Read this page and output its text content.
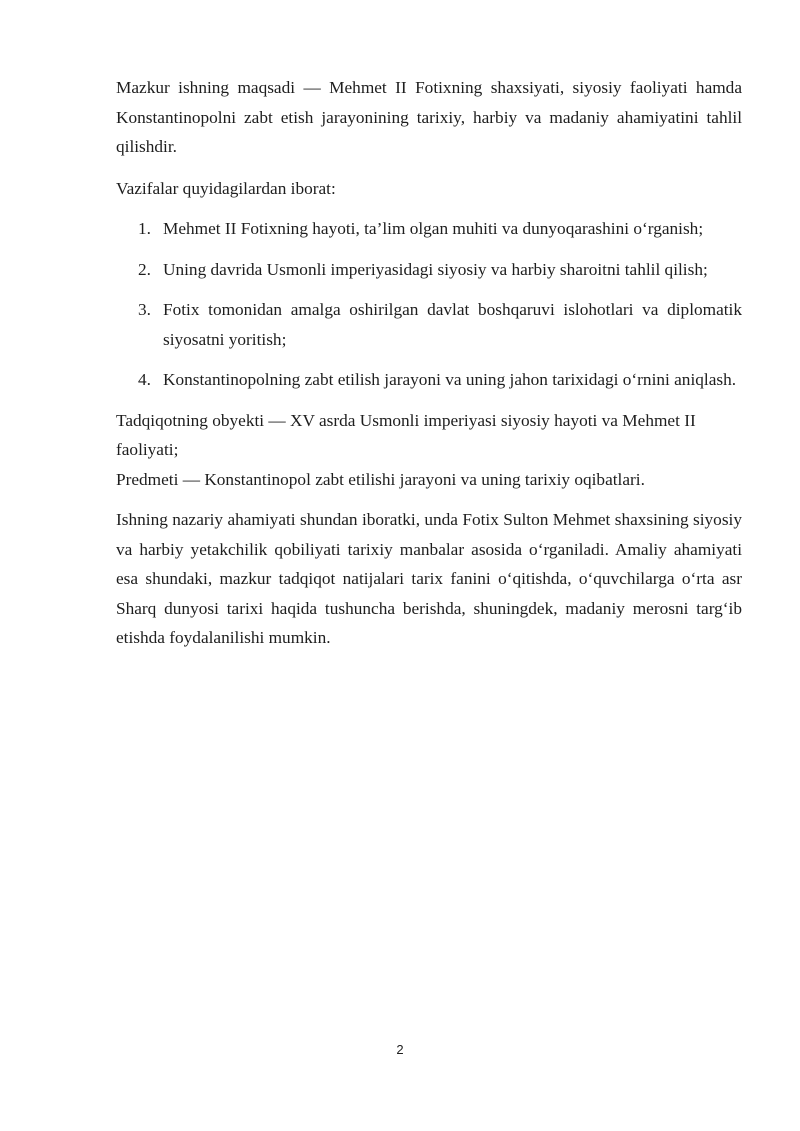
Mazkur ishning maqsadi — Mehmet II Fotixning shaxsiyati, siyosiy faoliyati hamda Konstantinopolni zabt etish jarayonining tarixiy, harbiy va madaniy ahamiyatini tahlil qilishdir.

Vazifalar quyidagilardan iborat:

1. Mehmet II Fotixning hayoti, ta’lim olgan muhiti va dunyoqarashini o‘rganish;
2. Uning davrida Usmonli imperiyasidagi siyosiy va harbiy sharoitni tahlil qilish;
3. Fotix tomonidan amalga oshirilgan davlat boshqaruvi islohotlari va diplomatik siyosatni yoritish;
4. Konstantinopolning zabt etilish jarayoni va uning jahon tarixidagi o‘rnini aniqlash.

Tadqiqotning obyekti — XV asrda Usmonli imperiyasi siyosiy hayoti va Mehmet II faoliyati;

Predmeti — Konstantinopol zabt etilishi jarayoni va uning tarixiy oqibatlari.

Ishning nazariy ahamiyati shundan iboratki, unda Fotix Sulton Mehmet shaxsining siyosiy va harbiy yetakchilik qobiliyati tarixiy manbalar asosida o‘rganiladi. Amaliy ahamiyati esa shundaki, mazkur tadqiqot natijalari tarix fanini o‘qitishda, o‘quvchilarga o‘rta asr Sharq dunyosi tarixi haqida tushuncha berishda, shuningdek, madaniy merosni targ‘ib etishda foydalanilishi mumkin.

2
